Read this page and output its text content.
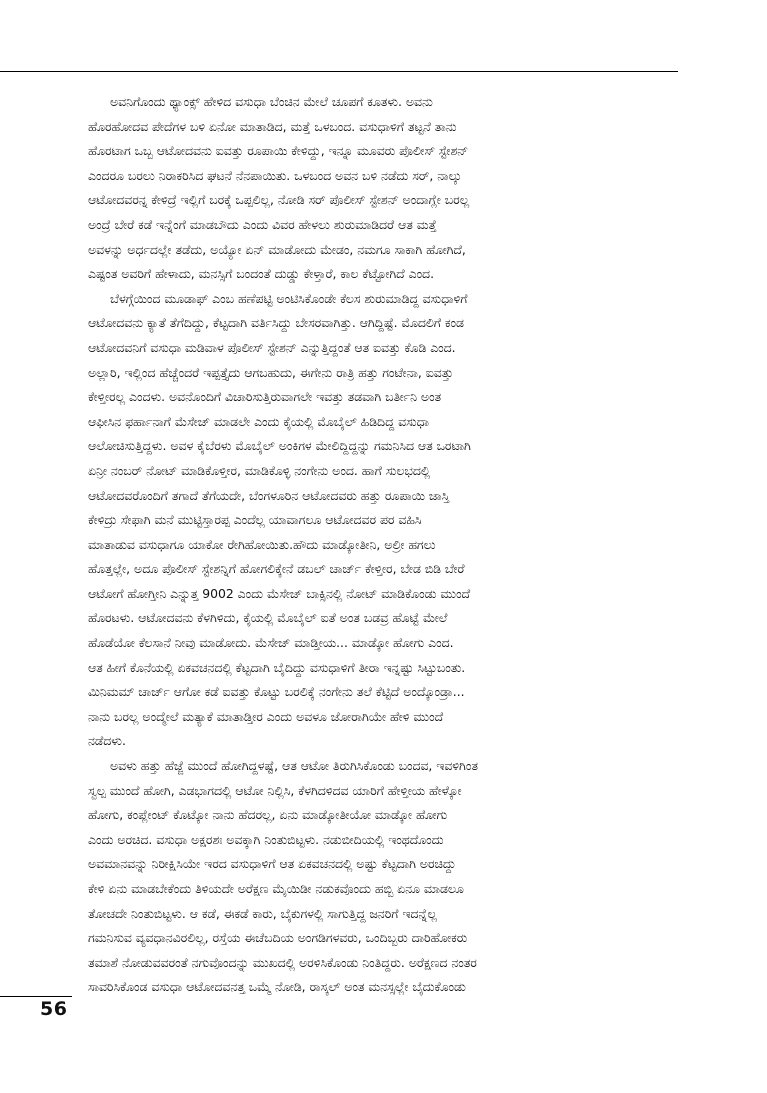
ಅವನಿಗೊಂದು ಥ್ಯಾಂಕ್ಸ್ ಹೇಳಿದ ವಸುಧಾ ಬೆಂಚಿನ ಮೇಲೆ ಚೂಪಗೆ ಕೂತಳು. ಅವನು

ಹೊರಹೋದವ ಪೇದೆಗಳ ಬಳಿ ಏನೋ ಮಾತಾಡಿದ, ಮತ್ತೆ ಒಳಬಂದ. ವಸುಧಾಳಿಗೆ ತಟ್ಟನೆ ತಾನು

ಹೊರಟಾಗ ಒಬ್ಬ ಆಟೋದವನು ಐವತ್ತು ರೂಪಾಯಿ ಕೇಳಿದ್ದು, ಇನ್ನೂ ಮೂವರು ಪೊಲೀಸ್ ಸ್ಟೇಶನ್

ಎಂದರೂ ಬರಲು ನಿರಾಕರಿಸಿದ ಘಟನೆ ನೆನಪಾಯಿತು. ಒಳಬಂದ ಅವನ ಬಳಿ ನಡೆದು ಸರ್, ನಾಲ್ಕು

ಆಟೋದವರನ್ನ ಕೇಳಿದ್ರೆ ಇಲ್ಲಿಗೆ ಬರಕ್ಕೆ ಒಪ್ಪಲಿಲ್ಲ, ನೋಡಿ ಸರ್ ಪೊಲೀಸ್ ಸ್ಟೇಶನ್ ಅಂದಾಗ್ಲೇ ಬರಲ್ಲ

ಅಂದ್ರೆ ಬೇರೆ ಕಡೆ ಇನ್ನೆಂಗೆ ಮಾಡಬೌದು ಎಂದು ವಿವರ ಹೇಳಲು ಶುರುಮಾಡಿದರೆ ಆತ ಮತ್ತೆ

ಅವಳನ್ನು ಅರ್ಧದಲ್ಲೇ ತಡೆದು, ಅಯ್ಯೋ ಏನ್ ಮಾಡೋದು ಮೇಡಂ, ನಮಗೂ ಸಾಕಾಗಿ ಹೋಗಿದೆ,

ಎಷ್ಟಂತ ಅವರಿಗೆ ಹೇಳಾದು, ಮನಸ್ಸಿಗೆ ಬಂದಂತೆ ದುಡ್ಡು ಕೇಳ್ತಾರೆ, ಕಾಲ ಕೆಟ್ಟೋಗಿದೆ ಎಂದ.

ಬೆಳಗ್ಗೆಯಿಂದ ಮೂಡಾಫ್ ಎಂಬ ಹಣೆಪಟ್ಟಿ ಅಂಟಿಸಿಕೊಂಡೇ ಕೆಲಸ ಶುರುಮಾಡಿದ್ದ ವಸುಧಾಳಿಗೆ

ಆಟೋದವನು ಕ್ಯಾತೆ ತೆಗೆದಿದ್ದು, ಕೆಟ್ಟದಾಗಿ ವರ್ತಿಸಿದ್ದು ಬೇಸರವಾಗಿತ್ತು. ಆಗಿದ್ದಿಷ್ಟೆ. ಮೊದಲಿಗೆ ಕಂಡ

ಆಟೋದವನಿಗೆ ವಸುಧಾ ಮಡಿವಾಳ ಪೊಲೀಸ್ ಸ್ಟೇಶನ್ ಎನ್ನುತ್ತಿದ್ದಂತೆ ಆತ ಐವತ್ತು ಕೊಡಿ ಎಂದ.

ಅಲ್ಲಾರಿ, ಇಲ್ಲಿಂದ ಹೆಚ್ಚೆಂದರೆ ಇಪ್ಪತ್ತೈದು ಆಗಬಹುದು, ಈಗೇನು ರಾತ್ರಿ ಹತ್ತು ಗಂಟೇನಾ, ಐವತ್ತು

ಕೇಳ್ತೀರಲ್ಲ ಎಂದಳು. ಅವನೊಂದಿಗೆ ವಿಚಾರಿಸುತ್ತಿರುವಾಗಲೇ ಇವತ್ತು ತಡವಾಗಿ ಬರ್ತೀನಿ ಅಂತ

ಆಫೀಸಿನ ಫರ್ಹಾನಾಗೆ ಮೆಸೇಜ್ ಮಾಡಲೇ ಎಂದು ಕೈಯಲ್ಲಿ ಮೊಬೈಲ್ ಹಿಡಿದಿದ್ದ ವಸುಧಾ

ಆಲೋಚಿಸುತ್ತಿದ್ದಳು. ಅವಳ ಕೈಬೆರಳು ಮೊಬೈಲ್ ಅಂಕಿಗಳ ಮೇಲಿದ್ದಿದ್ದನ್ನು ಗಮನಿಸಿದ ಆತ ಒರಟಾಗಿ

ಏನ್ರೀ ನಂಬರ್ ನೋಟ್ ಮಾಡಿಕೊಳ್ತೀರ, ಮಾಡಿಕೊಳ್ಳಿ ನಂಗೇನು ಅಂದ. ಹಾಗೆ ಸುಲಭದಲ್ಲಿ

ಆಟೋದವರೊಂದಿಗೆ ತಗಾದೆ ತೆಗೆಯದೇ, ಬೆಂಗಳೂರಿನ ಆಟೋದವರು ಹತ್ತು ರೂಪಾಯಿ ಜಾಸ್ತಿ

ಕೇಳಿದ್ರು ಸೇಫಾಗಿ ಮನೆ ಮುಟ್ಟಿಸ್ತಾರಪ್ಪ ಎಂದೆಲ್ಲ ಯಾವಾಗಲೂ ಆಟೋದವರ ಪರ ವಹಿಸಿ

ಮಾತಾಡುವ ವಸುಧಾಗೂ ಯಾಕೋ ರೇಗಿಹೋಯಿತು.ಹೌದು ಮಾಡ್ಕೋತೀನಿ, ಅಲ್ರೀ ಹಗಲು

ಹೊತ್ತಲ್ಲೇ, ಅದೂ ಪೊಲೀಸ್ ಸ್ಟೇಶನ್ನಿಗೆ ಹೋಗಲಿಕ್ಕೇನೆ ಡಬಲ್ ಚಾರ್ಜ್ ಕೇಳ್ತೀರ, ಬೇಡ ಬಿಡಿ ಬೇರೆ

ಆಟೋಗೆ ಹೋಗ್ತೀನಿ ಎನ್ನುತ್ತ 9002 ಎಂದು ಮೆಸೇಜ್ ಬಾಕ್ಸಿನಲ್ಲಿ ನೋಟ್ ಮಾಡಿಕೊಂಡು ಮುಂದೆ

ಹೊರಟಳು. ಆಟೋದವನು ಕೆಳಗಿಳಿದು, ಕೈಯಲ್ಲಿ ಮೊಬೈಲ್ ಐತೆ ಅಂತ ಬಡವ್ರ ಹೊಟ್ಟೆ ಮೇಲೆ

ಹೊಡೆಯೋ ಕೆಲಸಾನೆ ನೀವು ಮಾಡೋದು. ಮೆಸೇಜ್ ಮಾಡ್ತೀಯ... ಮಾಡ್ಕೋ ಹೋಗು ಎಂದ.

ಆತ ಹೀಗೆ ಕೊನೆಯಲ್ಲಿ ಏಕವಚನದಲ್ಲಿ ಕೆಟ್ಟದಾಗಿ ಬೈದಿದ್ದು ವಸುಧಾಳಿಗೆ ತೀರಾ ಇನ್ನಷ್ಟು ಸಿಟ್ಟುಬಂತು.

ಮಿನಿಮಮ್ ಚಾರ್ಜ್ ಆಗೋ ಕಡೆ ಐವತ್ತು ಕೊಟ್ಟು ಬರಲಿಕ್ಕೆ ನಂಗೇನು ತಲೆ ಕೆಟ್ಟಿದೆ ಅಂದ್ಕೊಂಡ್ರಾ...

ನಾನು ಬರಲ್ಲ ಅಂದ್ಮೇಲೆ ಮತ್ಯಾಕೆ ಮಾತಾಡ್ತೀರ ಎಂದು ಅವಳೂ ಜೋರಾಗಿಯೇ ಹೇಳಿ ಮುಂದೆ

ನಡೆದಳು.

ಅವಳು ಹತ್ತು ಹೆಜ್ಜೆ ಮುಂದೆ ಹೋಗಿದ್ದಳಷ್ಟೆ, ಆತ ಆಟೋ ತಿರುಗಿಸಿಕೊಂಡು ಬಂದವ, ಇವಳಿಗಿಂತ

ಸ್ವಲ್ಪ ಮುಂದೆ ಹೋಗಿ, ಎಡಭಾಗದಲ್ಲಿ ಆಟೋ ನಿಲ್ಲಿಸಿ, ಕೆಳಗಿದಳಿದವ ಯಾರಿಗೆ ಹೇಳ್ತೀಯ ಹೇಳ್ಕೋ

ಹೋಗು, ಕಂಪ್ಲೇಂಟ್ ಕೊಟ್ಕೋ ನಾನು ಹೆದರಲ್ಲ, ಏನು ಮಾಡ್ಕೋತೀಯೋ ಮಾಡ್ಕೋ ಹೋಗು

ಎಂದು ಅರಚಿದ. ವಸುಧಾ ಅಕ್ಷರಶಃ ಅವಕ್ಕಾಗಿ ನಿಂತುಬಿಟ್ಟಳು. ನಡುಬೀದಿಯಲ್ಲಿ ಇಂಥದೊಂದು

ಅವಮಾನವನ್ನು ನಿರೀಕ್ಷಿಸಿಯೇ ಇರದ ವಸುಧಾಳಿಗೆ ಆತ ಏಕವಚನದಲ್ಲಿ ಅಷ್ಟು ಕೆಟ್ಟದಾಗಿ ಅರಚಿದ್ದು

ಕೇಳಿ ಏನು ಮಾಡಬೇಕೆಂದು ತಿಳಿಯದೇ ಅರೆಕ್ಷಣ ಮೈಯಿಡೀ ನಡುಕವೊಂದು ಹಬ್ಬಿ ಏನೂ ಮಾಡಲೂ

ತೋಚದೇ ನಿಂತುಬಿಟ್ಟಳು. ಆ ಕಡೆ, ಈಕಡೆ ಕಾರು, ಬೈಕುಗಳಲ್ಲಿ ಸಾಗುತ್ತಿದ್ದ ಜನರಿಗೆ ಇದನ್ನೆಲ್ಲ

ಗಮನಿಸುವ ವ್ಯವಧಾನವಿರಲಿಲ್ಲ, ರಸ್ತೆಯ ಈಚೆಬದಿಯ ಅಂಗಡಿಗಳವರು, ಒಂದಿಬ್ಬರು ದಾರಿಹೋಕರು

ತಮಾಶೆ ನೋಡುವವರಂತೆ ನಗುವೊಂದನ್ನು ಮುಖದಲ್ಲಿ ಅರಳಿಸಿಕೊಂಡು ನಿಂತಿದ್ದರು. ಅರೆಕ್ಷಣದ ನಂತರ

ಸಾವರಿಸಿಕೊಂಡ ವಸುಧಾ ಆಟೋದವನತ್ತ ಒಮ್ಮೆ ನೋಡಿ, ರಾಸ್ಕಲ್ ಅಂತ ಮನಸ್ಸಲ್ಲೇ ಬೈದುಕೊಂಡು

56
